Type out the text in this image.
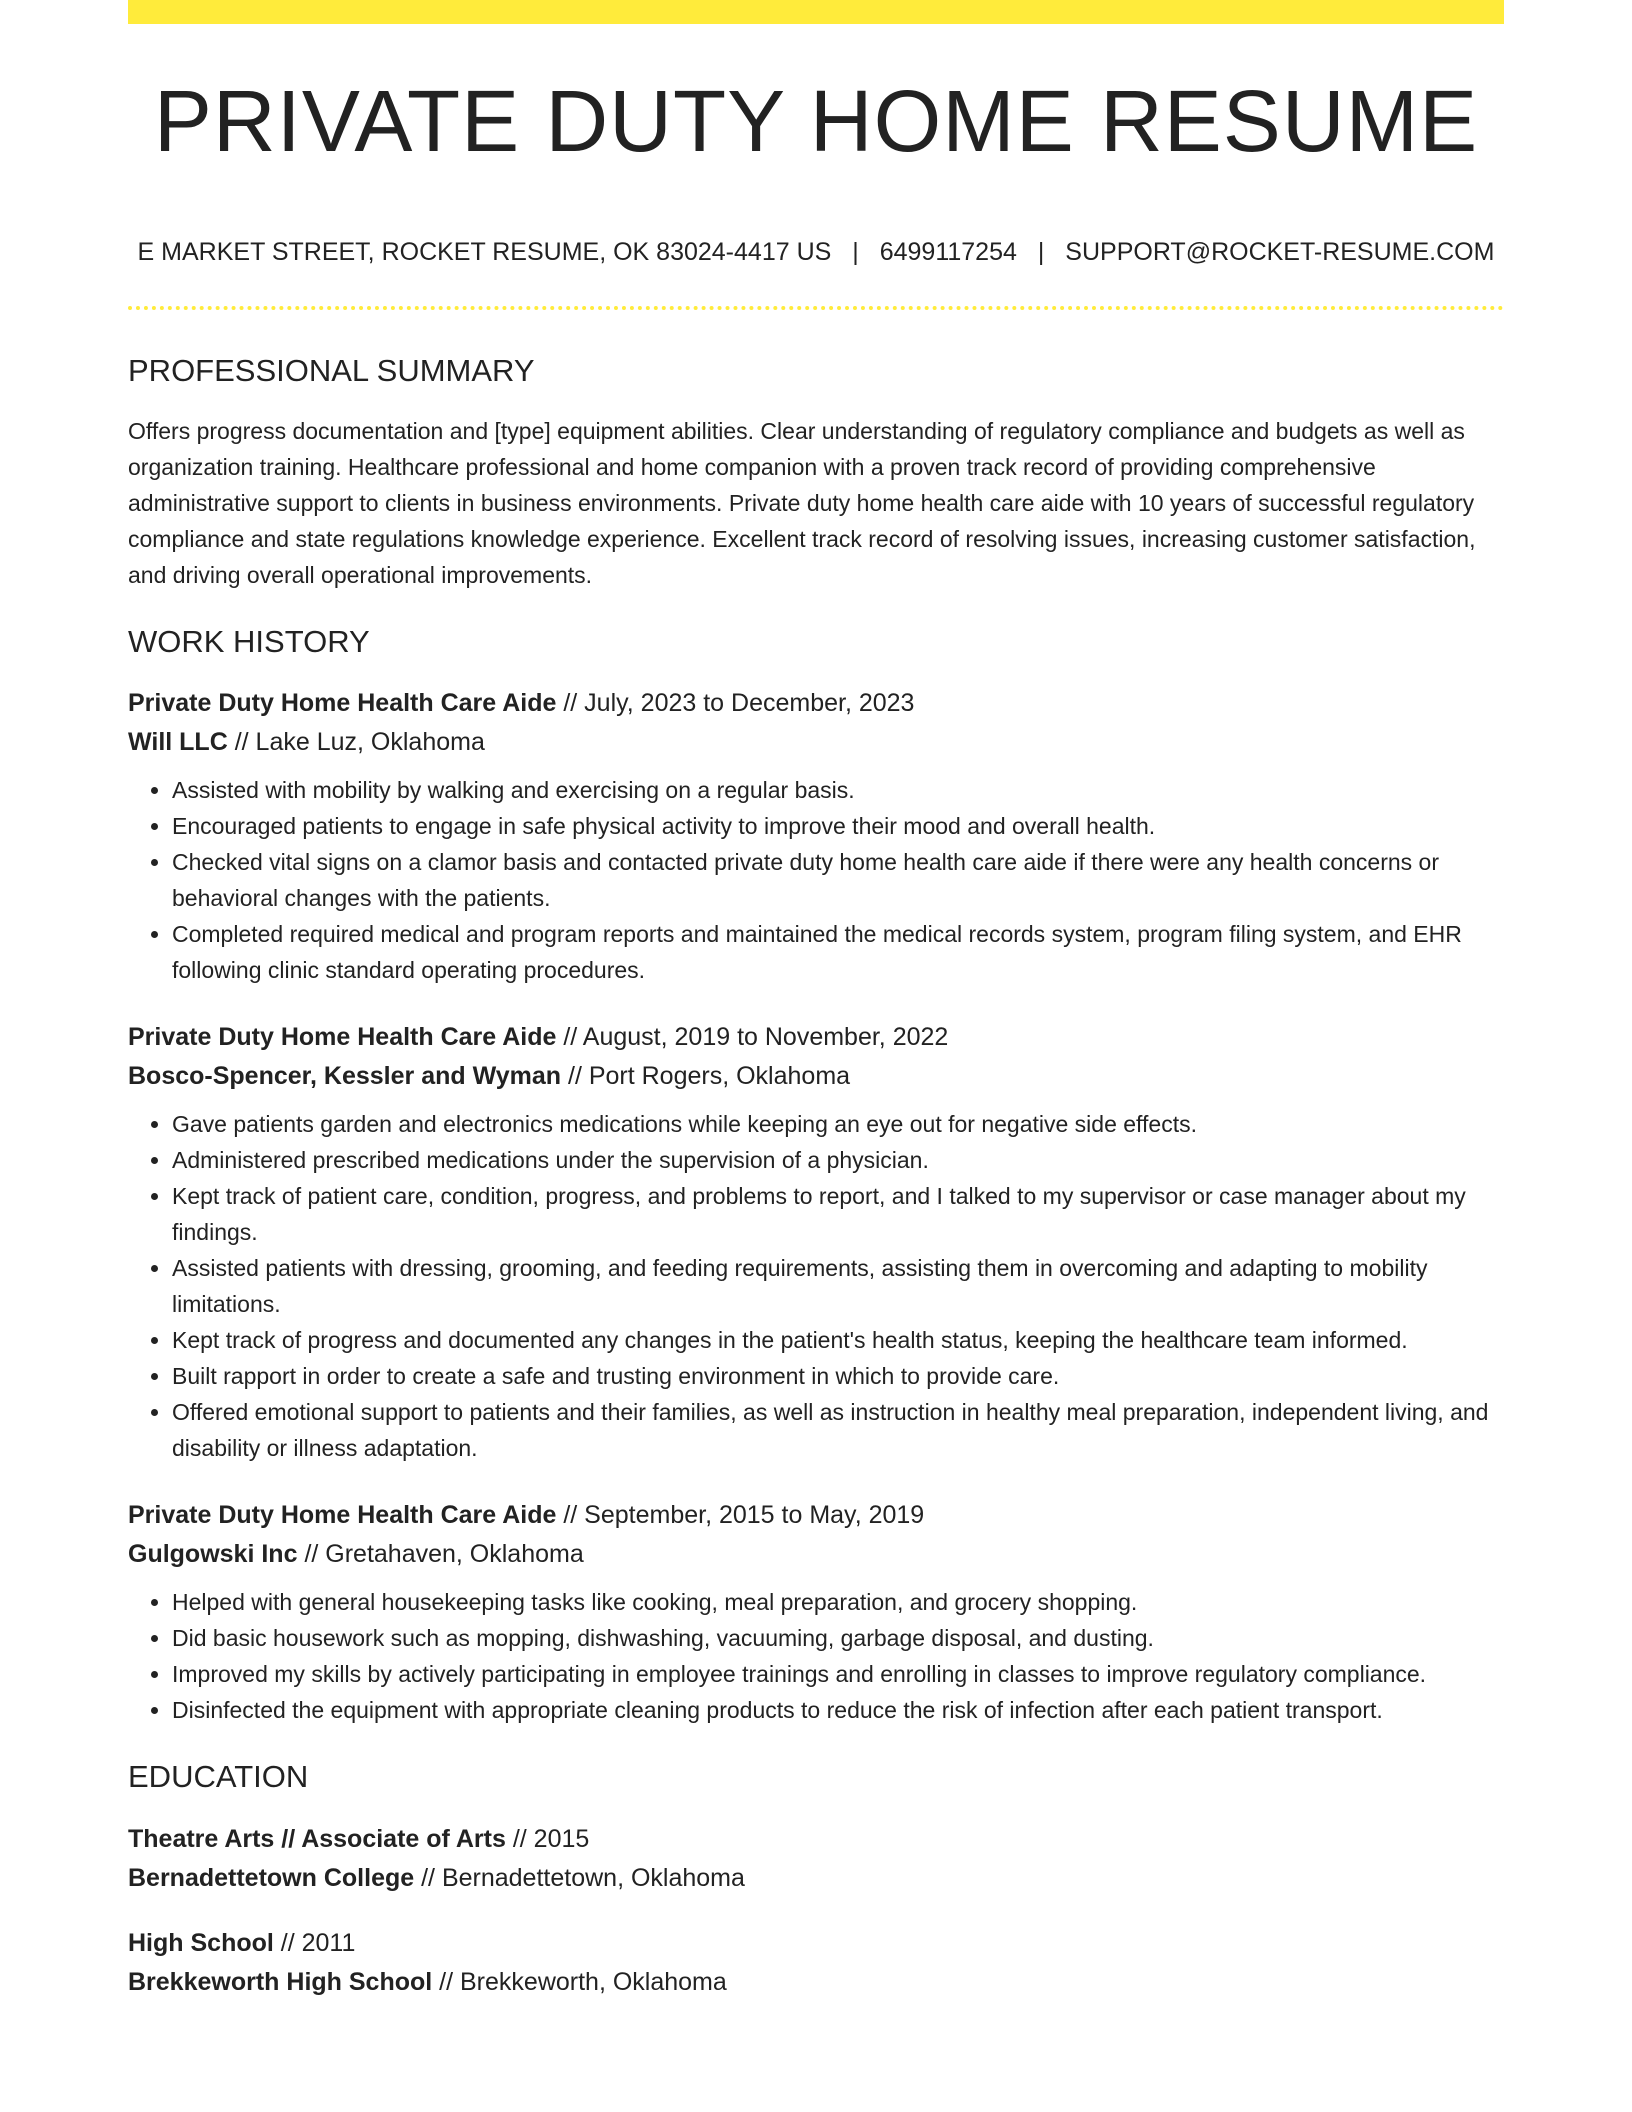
PRIVATE DUTY HOME RESUME
E MARKET STREET, ROCKET RESUME, OK 83024-4417 US | 6499117254 | SUPPORT@ROCKET-RESUME.COM
PROFESSIONAL SUMMARY

Offers progress documentation and [type] equipment abilities. Clear understanding of regulatory compliance and budgets as well as organization training. Healthcare professional and home companion with a proven track record of providing comprehensive administrative support to clients in business environments. Private duty home health care aide with 10 years of successful regulatory compliance and state regulations knowledge experience. Excellent track record of resolving issues, increasing customer satisfaction, and driving overall operational improvements.

WORK HISTORY
Private Duty Home Health Care Aide // July, 2023 to December, 2023
Will LLC // Lake Luz, Oklahoma
• Assisted with mobility by walking and exercising on a regular basis.
• Encouraged patients to engage in safe physical activity to improve their mood and overall health.
• Checked vital signs on a clamor basis and contacted private duty home health care aide if there were any health concerns or behavioral changes with the patients.
• Completed required medical and program reports and maintained the medical records system, program filing system, and EHR following clinic standard operating procedures.
Private Duty Home Health Care Aide // August, 2019 to November, 2022
Bosco-Spencer, Kessler and Wyman // Port Rogers, Oklahoma
• Gave patients garden and electronics medications while keeping an eye out for negative side effects.
• Administered prescribed medications under the supervision of a physician.
• Kept track of patient care, condition, progress, and problems to report, and I talked to my supervisor or case manager about my findings.
• Assisted patients with dressing, grooming, and feeding requirements, assisting them in overcoming and adapting to mobility limitations.
• Kept track of progress and documented any changes in the patient's health status, keeping the healthcare team informed.
• Built rapport in order to create a safe and trusting environment in which to provide care.
• Offered emotional support to patients and their families, as well as instruction in healthy meal preparation, independent living, and disability or illness adaptation.
Private Duty Home Health Care Aide // September, 2015 to May, 2019
Gulgowski Inc // Gretahaven, Oklahoma
• Helped with general housekeeping tasks like cooking, meal preparation, and grocery shopping.
• Did basic housework such as mopping, dishwashing, vacuuming, garbage disposal, and dusting.
• Improved my skills by actively participating in employee trainings and enrolling in classes to improve regulatory compliance.
• Disinfected the equipment with appropriate cleaning products to reduce the risk of infection after each patient transport.
EDUCATION
Theatre Arts // Associate of Arts // 2015
Bernadettetown College // Bernadettetown, Oklahoma
High School // 2011
Brekkeworth High School // Brekkeworth, Oklahoma
